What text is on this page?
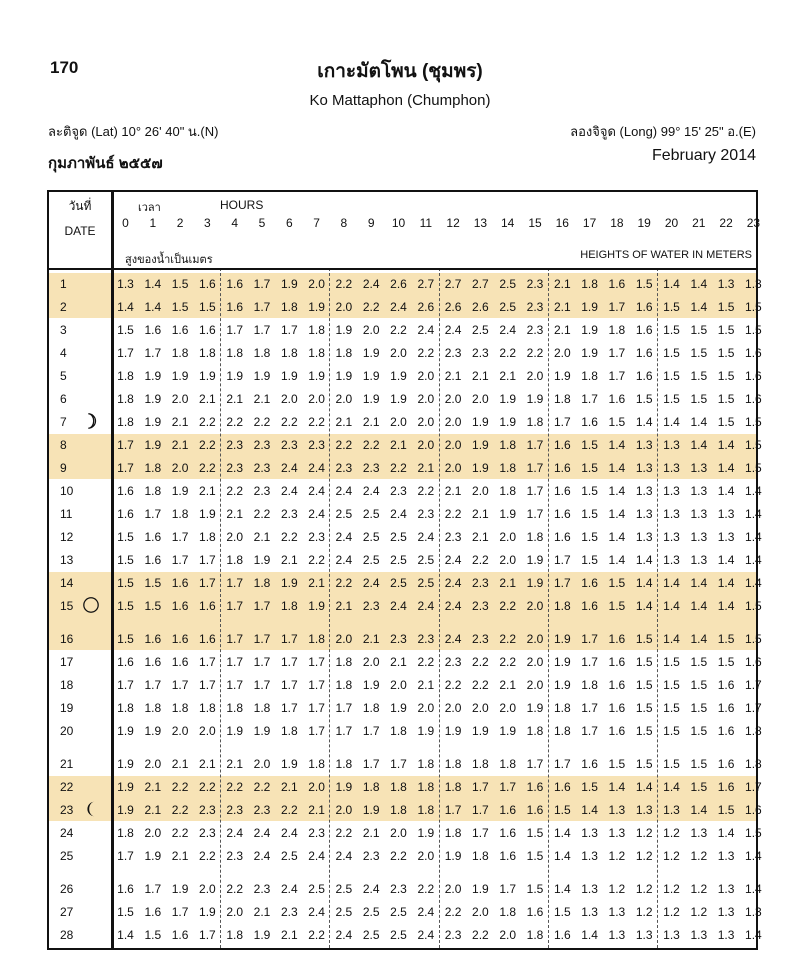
170	เกาะมัตโพน (ชุมพร)
Ko Mattaphon (Chumphon)
ละติจูด (Lat) 10° 26' 40" น.(N)	ลองจิจูด (Long) 99° 15' 25" อ.(E)
กุมภาพันธ์ ๒๕๕๗	February 2014
วันที่
DATE
เวลา	HOURS
0	1	2	3	4	5	6	7	8	9	10	11	12	13	14	15	16	17	18	19	20	21	22	23
สูงของน้ำเป็นเมตร	HEIGHTS OF WATER IN METERS
1	1.3 1.4 1.5 1.6 1.6 1.7 1.9 2.0 2.2 2.4 2.6 2.7 2.7 2.7 2.5 2.3 2.1 1.8 1.6 1.5 1.4 1.4 1.3 1.3
2	1.4 1.4 1.5 1.5 1.6 1.7 1.8 1.9 2.0 2.2 2.4 2.6 2.6 2.6 2.5 2.3 2.1 1.9 1.7 1.6 1.5 1.4 1.5 1.5
3	1.5 1.6 1.6 1.6 1.7 1.7 1.7 1.8 1.9 2.0 2.2 2.4 2.4 2.5 2.4 2.3 2.1 1.9 1.8 1.6 1.5 1.5 1.5 1.5
4	1.7 1.7 1.8 1.8 1.8 1.8 1.8 1.8 1.8 1.9 2.0 2.2 2.3 2.3 2.2 2.2 2.0 1.9 1.7 1.6 1.5 1.5 1.5 1.6
5	1.8 1.9 1.9 1.9 1.9 1.9 1.9 1.9 1.9 1.9 1.9 2.0 2.1 2.1 2.1 2.0 1.9 1.8 1.7 1.6 1.5 1.5 1.5 1.6
6	1.8 1.9 2.0 2.1 2.1 2.1 2.0 2.0 2.0 1.9 1.9 2.0 2.0 2.0 1.9 1.9 1.8 1.7 1.6 1.5 1.5 1.5 1.5 1.6
7	1.8 1.9 2.1 2.2 2.2 2.2 2.2 2.2 2.1 2.1 2.0 2.0 2.0 1.9 1.9 1.8 1.7 1.6 1.5 1.4 1.4 1.4 1.5 1.5
8	1.7 1.9 2.1 2.2 2.3 2.3 2.3 2.3 2.2 2.2 2.1 2.0 2.0 1.9 1.8 1.7 1.6 1.5 1.4 1.3 1.3 1.4 1.4 1.5
9	1.7 1.8 2.0 2.2 2.3 2.3 2.4 2.4 2.3 2.3 2.2 2.1 2.0 1.9 1.8 1.7 1.6 1.5 1.4 1.3 1.3 1.3 1.4 1.5
10	1.6 1.8 1.9 2.1 2.2 2.3 2.4 2.4 2.4 2.4 2.3 2.2 2.1 2.0 1.8 1.7 1.6 1.5 1.4 1.3 1.3 1.3 1.4 1.4
11	1.6 1.7 1.8 1.9 2.1 2.2 2.3 2.4 2.5 2.5 2.4 2.3 2.2 2.1 1.9 1.7 1.6 1.5 1.4 1.3 1.3 1.3 1.3 1.4
12	1.5 1.6 1.7 1.8 2.0 2.1 2.2 2.3 2.4 2.5 2.5 2.4 2.3 2.1 2.0 1.8 1.6 1.5 1.4 1.3 1.3 1.3 1.3 1.4
13	1.5 1.6 1.7 1.7 1.8 1.9 2.1 2.2 2.4 2.5 2.5 2.5 2.4 2.2 2.0 1.9 1.7 1.5 1.4 1.4 1.3 1.3 1.4 1.4
14	1.5 1.5 1.6 1.7 1.7 1.8 1.9 2.1 2.2 2.4 2.5 2.5 2.4 2.3 2.1 1.9 1.7 1.6 1.5 1.4 1.4 1.4 1.4 1.4
15	1.5 1.5 1.6 1.6 1.7 1.7 1.8 1.9 2.1 2.3 2.4 2.4 2.4 2.3 2.2 2.0 1.8 1.6 1.5 1.4 1.4 1.4 1.4 1.5
16	1.5 1.6 1.6 1.6 1.7 1.7 1.7 1.8 2.0 2.1 2.3 2.3 2.4 2.3 2.2 2.0 1.9 1.7 1.6 1.5 1.4 1.4 1.5 1.5
17	1.6 1.6 1.6 1.7 1.7 1.7 1.7 1.7 1.8 2.0 2.1 2.2 2.3 2.2 2.2 2.0 1.9 1.7 1.6 1.5 1.5 1.5 1.5 1.6
18	1.7 1.7 1.7 1.7 1.7 1.7 1.7 1.7 1.8 1.9 2.0 2.1 2.2 2.2 2.1 2.0 1.9 1.8 1.6 1.5 1.5 1.5 1.6 1.7
19	1.8 1.8 1.8 1.8 1.8 1.8 1.7 1.7 1.7 1.8 1.9 2.0 2.0 2.0 2.0 1.9 1.8 1.7 1.6 1.5 1.5 1.5 1.6 1.7
20	1.9 1.9 2.0 2.0 1.9 1.9 1.8 1.7 1.7 1.7 1.8 1.9 1.9 1.9 1.9 1.8 1.8 1.7 1.6 1.5 1.5 1.5 1.6 1.8
21	1.9 2.0 2.1 2.1 2.1 2.0 1.9 1.8 1.8 1.7 1.7 1.8 1.8 1.8 1.8 1.7 1.7 1.6 1.5 1.5 1.5 1.5 1.6 1.8
22	1.9 2.1 2.2 2.2 2.2 2.2 2.1 2.0 1.9 1.8 1.8 1.8 1.8 1.7 1.7 1.6 1.6 1.5 1.4 1.4 1.4 1.5 1.6 1.7
23	1.9 2.1 2.2 2.3 2.3 2.3 2.2 2.1 2.0 1.9 1.8 1.8 1.7 1.7 1.6 1.6 1.5 1.4 1.3 1.3 1.3 1.4 1.5 1.6
24	1.8 2.0 2.2 2.3 2.4 2.4 2.4 2.3 2.2 2.1 2.0 1.9 1.8 1.7 1.6 1.5 1.4 1.3 1.3 1.2 1.2 1.3 1.4 1.5
25	1.7 1.9 2.1 2.2 2.3 2.4 2.5 2.4 2.4 2.3 2.2 2.0 1.9 1.8 1.6 1.5 1.4 1.3 1.2 1.2 1.2 1.2 1.3 1.4
26	1.6 1.7 1.9 2.0 2.2 2.3 2.4 2.5 2.5 2.4 2.3 2.2 2.0 1.9 1.7 1.5 1.4 1.3 1.2 1.2 1.2 1.2 1.3 1.4
27	1.5 1.6 1.7 1.9 2.0 2.1 2.3 2.4 2.5 2.5 2.5 2.4 2.2 2.0 1.8 1.6 1.5 1.3 1.3 1.2 1.2 1.2 1.3 1.3
28	1.4 1.5 1.6 1.7 1.8 1.9 2.1 2.2 2.4 2.5 2.5 2.4 2.3 2.2 2.0 1.8 1.6 1.4 1.3 1.3 1.3 1.3 1.3 1.4
